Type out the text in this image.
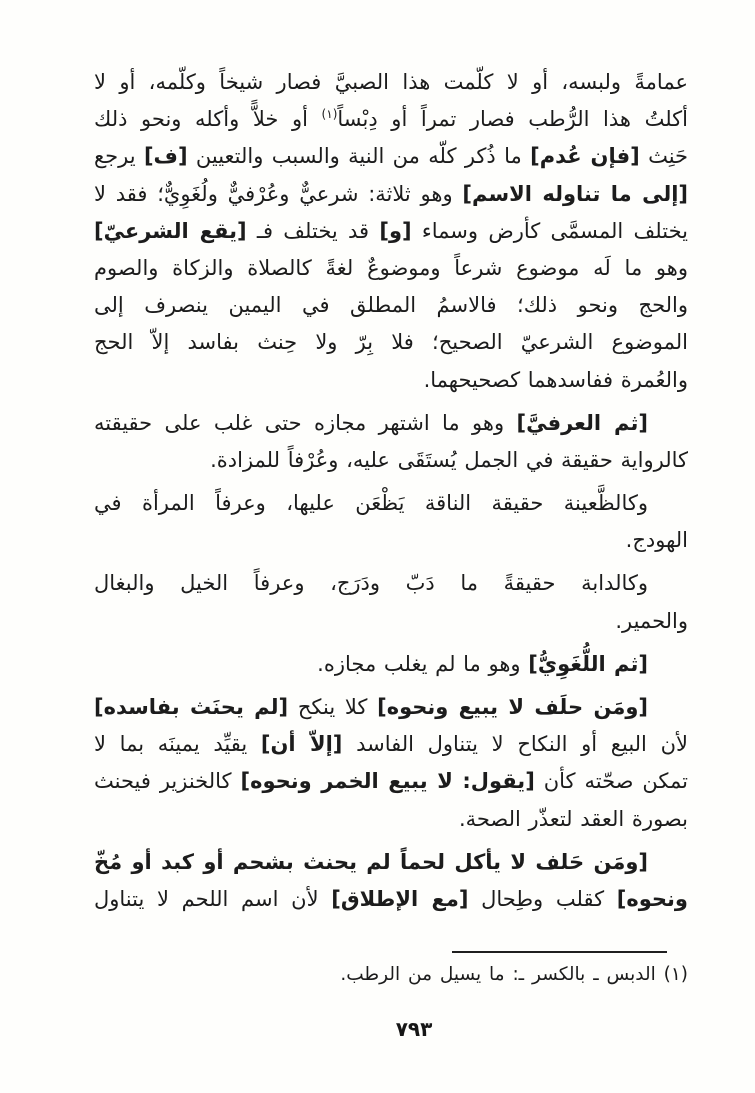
عمامةً ولبسه، أو لا كلّمت هذا الصبيَّ فصار شيخاً وكلّمه، أو لا
أكلتُ هذا الرُّطب فصار تمراً أو دِبْساً$^{(١)}$ أو خلاًّ وأكله ونحو ذلك
حَنِث [فإن عُدم] ما ذُكر كلّه من النية والسبب والتعيين [ف] يرجع
[إلى ما تناوله الاسم] وهو ثلاثة: شرعيٌّ وعُرْفيٌّ ولُغَوِيٌّ؛ فقد لا
يختلف المسمَّى كأرض وسماء [و] قد يختلف فـ [يقع الشرعيّ]
وهو ما لَه موضوع شرعاً وموضوعٌ لغةً كالصلاة والزكاة والصوم
والحج ونحو ذلك؛ فالاسمُ المطلق في اليمين ينصرف إلى
الموضوع الشرعيّ الصحيح؛ فلا بِرّ ولا حِنث بفاسد إلاّ الحج
والعُمرة ففاسدهما كصحيحهما.
[ثم العرفيَّ] وهو ما اشتهر مجازه حتى غلب على حقيقته
كالرواية حقيقة في الجمل يُستَقَى عليه، وعُرْفاً للمزادة.
وكالظَّعينة حقيقة الناقة يَظْعَن عليها، وعرفاً المرأة في
الهودج.
وكالدابة حقيقةً ما دَبّ ودَرَج، وعرفاً الخيل والبغال
والحمير.
[ثم اللُّغَوِيُّ] وهو ما لم يغلب مجازه.
[ومَن حلَف لا يبيع ونحوه] كلا ينكح [لم يحنَث بفاسده]
لأن البيع أو النكاح لا يتناول الفاسد [إلاّ أن] يقيِّد يمينَه بما لا
تمكن صحّته كأن [يقول: لا يبيع الخمر ونحوه] كالخنزير فيحنث
بصورة العقد لتعذّر الصحة.
[ومَن حَلف لا يأكل لحماً لم يحنث بشحم أو كبد أو مُخّ
ونحوه] كقلب وطِحال [مع الإطلاق] لأن اسم اللحم لا يتناول
(١) الدبس ـ بالكسر ـ: ما يسيل من الرطب.
٧٩٣
